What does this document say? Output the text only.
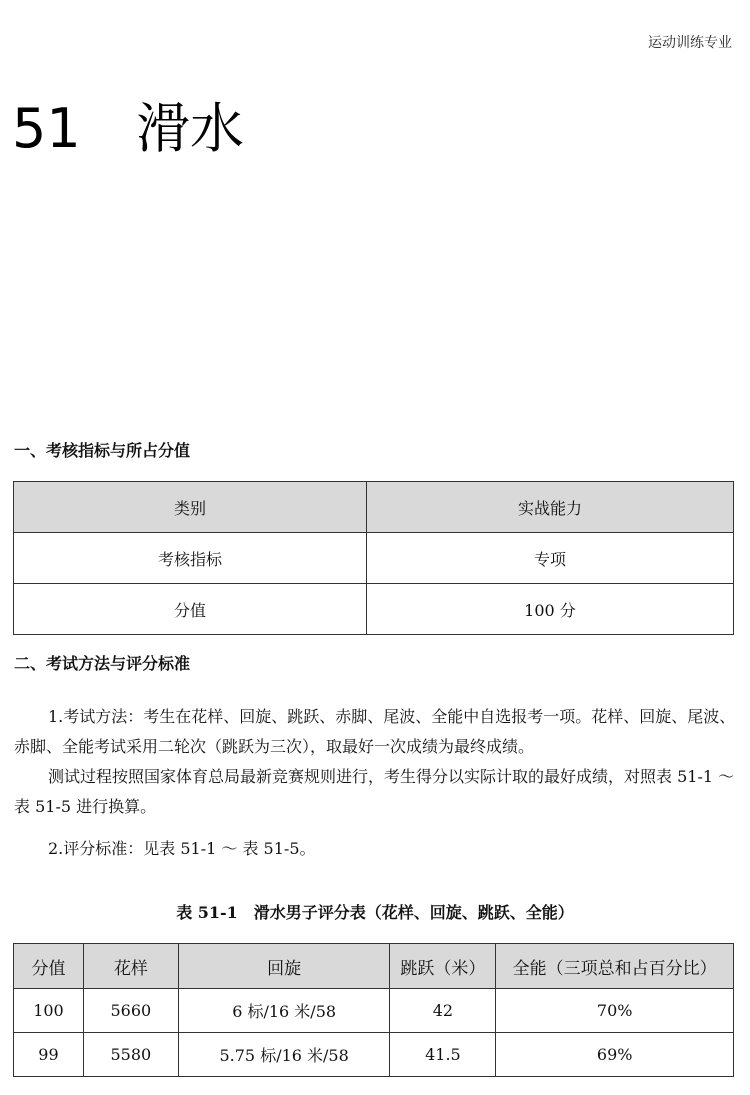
运动训练专业
51 滑水
一、考核指标与所占分值
类别	实战能力
考核指标	专项
分值	100 分
二、考试方法与评分标准
1.考试方法：考生在花样、回旋、跳跃、赤脚、尾波、全能中自选报考一项。花样、回旋、尾波、赤脚、全能考试采用二轮次（跳跃为三次），取最好一次成绩为最终成绩。
测试过程按照国家体育总局最新竞赛规则进行，考生得分以实际计取的最好成绩，对照表 51-1 ～ 表 51-5 进行换算。
2.评分标准：见表 51-1 ～ 表 51-5。
表 51-1　滑水男子评分表（花样、回旋、跳跃、全能）
分值	花样	回旋	跳跃（米）	全能（三项总和占百分比）
100	5660	6 标/16 米/58	42	70%
99	5580	5.75 标/16 米/58	41.5	69%
